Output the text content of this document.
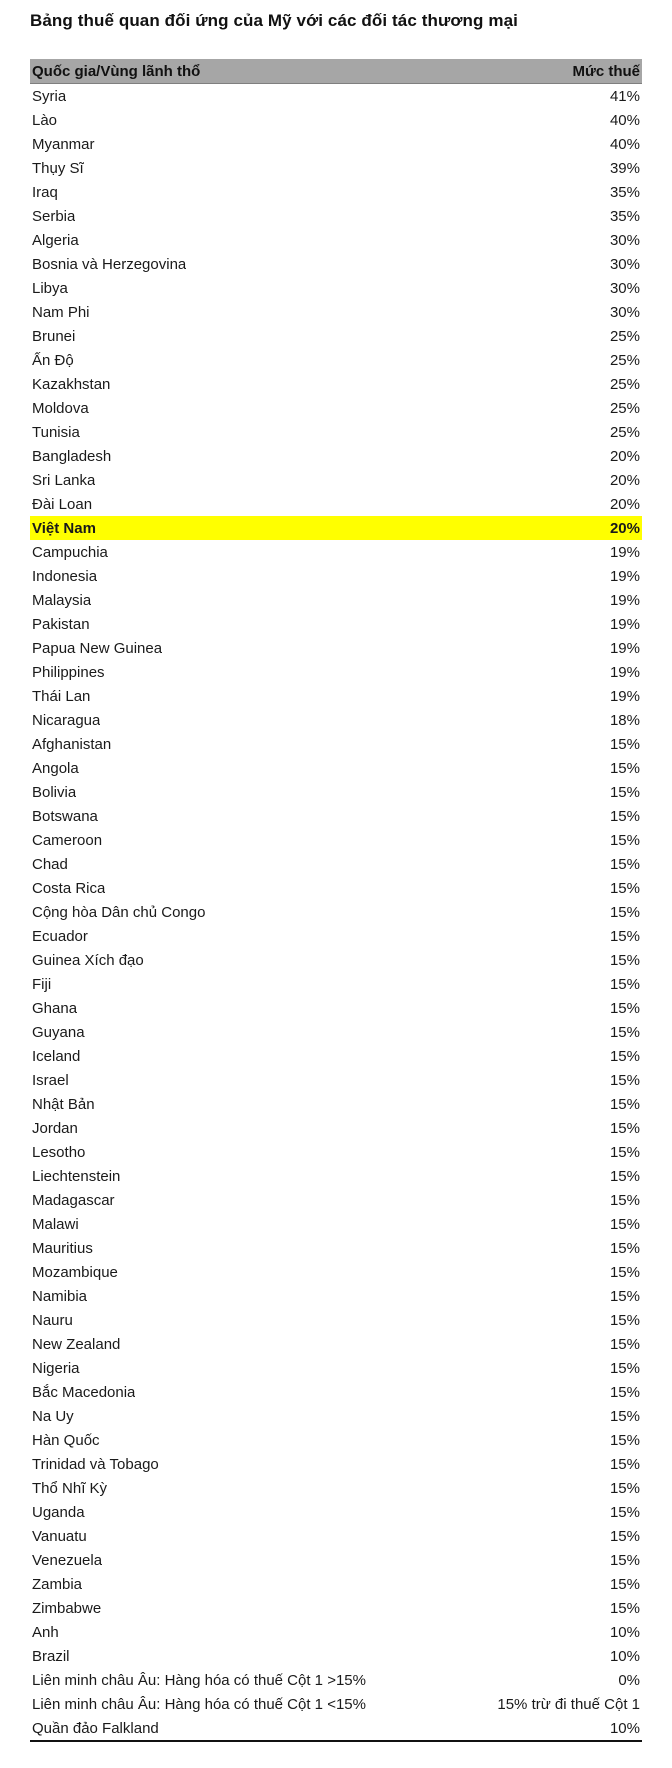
Bảng thuế quan đối ứng của Mỹ với các đối tác thương mại
Quốc gia/Vùng lãnh thổ	Mức thuế
Syria	41%
Lào	40%
Myanmar	40%
Thụy Sĩ	39%
Iraq	35%
Serbia	35%
Algeria	30%
Bosnia và Herzegovina	30%
Libya	30%
Nam Phi	30%
Brunei	25%
Ấn Độ	25%
Kazakhstan	25%
Moldova	25%
Tunisia	25%
Bangladesh	20%
Sri Lanka	20%
Đài Loan	20%
Việt Nam	20%
Campuchia	19%
Indonesia	19%
Malaysia	19%
Pakistan	19%
Papua New Guinea	19%
Philippines	19%
Thái Lan	19%
Nicaragua	18%
Afghanistan	15%
Angola	15%
Bolivia	15%
Botswana	15%
Cameroon	15%
Chad	15%
Costa Rica	15%
Cộng hòa Dân chủ Congo	15%
Ecuador	15%
Guinea Xích đạo	15%
Fiji	15%
Ghana	15%
Guyana	15%
Iceland	15%
Israel	15%
Nhật Bản	15%
Jordan	15%
Lesotho	15%
Liechtenstein	15%
Madagascar	15%
Malawi	15%
Mauritius	15%
Mozambique	15%
Namibia	15%
Nauru	15%
New Zealand	15%
Nigeria	15%
Bắc Macedonia	15%
Na Uy	15%
Hàn Quốc	15%
Trinidad và Tobago	15%
Thổ Nhĩ Kỳ	15%
Uganda	15%
Vanuatu	15%
Venezuela	15%
Zambia	15%
Zimbabwe	15%
Anh	10%
Brazil	10%
Liên minh châu Âu: Hàng hóa có thuế Cột 1 >15%	0%
Liên minh châu Âu: Hàng hóa có thuế Cột 1 <15%	15% trừ đi thuế Cột 1
Quần đảo Falkland	10%
